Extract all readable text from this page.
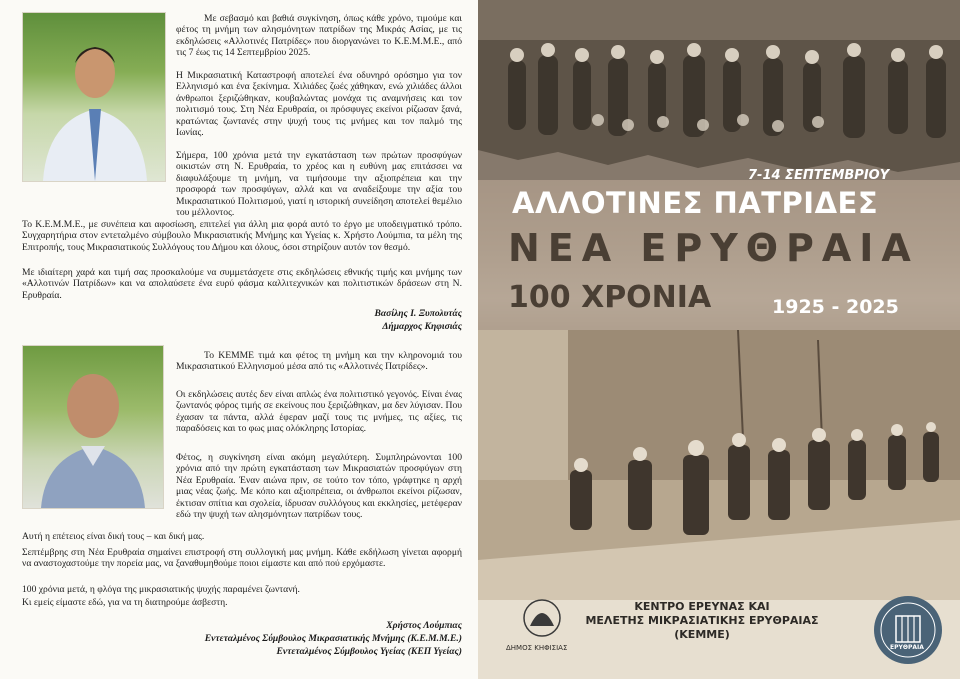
Με σεβασμό και βαθιά συγκίνηση, όπως κάθε χρόνο, τιμούμε και φέτος τη μνήμη των αλησμόνητων πατρίδων της Μικράς Ασίας, με τις εκδηλώσεις «Αλλοτινές Πατρίδες» που διοργανώνει το Κ.Ε.Μ.Μ.Ε., από τις 7 έως τις 14 Σεπτεμβρίου 2025.

Η Μικρασιατική Καταστροφή αποτελεί ένα οδυνηρό ορόσημο για τον Ελληνισμό και ένα ξεκίνημα. Χιλιάδες ζωές χάθηκαν, ενώ χιλιάδες άλλοι άνθρωποι ξεριζώθηκαν, κουβαλώντας μονάχα τις αναμνήσεις και τον πολιτισμό τους. Στη Νέα Ερυθραία, οι πρόσφυγες εκείνοι ρίζωσαν ξανά, κρατώντας ζωντανές στην ψυχή τους τις μνήμες και τον παλμό της Ιωνίας.

Σήμερα, 100 χρόνια μετά την εγκατάσταση των πρώτων προσφύγων οικιστών στη Ν. Ερυθραία, το χρέος και η ευθύνη μας επιτάσσει να διαφυλάξουμε τη μνήμη, να τιμήσουμε την αξιοπρέπεια και την προσφορά των προσφύγων, αλλά και να αναδείξουμε την αξία του Μικρασιατικού Πολιτισμού, γιατί η ιστορική συνείδηση αποτελεί θεμέλιο του μέλλοντος.

Το Κ.Ε.Μ.Μ.Ε., με συνέπεια και αφοσίωση, επιτελεί για άλλη μια φορά αυτό το έργο με υποδειγματικό τρόπο. Συγχαρητήρια στον εντεταλμένο σύμβουλο Μικρασιατικής Μνήμης και Υγείας κ. Χρήστο Λούμπια, τα μέλη της Επιτροπής, τους Μικρασιατικούς Συλλόγους του Δήμου και όλους, όσοι στηρίζουν αυτόν τον θεσμό.

Με ιδιαίτερη χαρά και τιμή σας προσκαλούμε να συμμετάσχετε στις εκδηλώσεις εθνικής τιμής και μνήμης των «Αλλοτινών Πατρίδων» και να απολαύσετε ένα ευρύ φάσμα καλλιτεχνικών και πολιτιστικών δράσεων στη Ν. Ερυθραία.

Βασίλης Ι. Ξυπολυτάς
Δήμαρχος Κηφισιάς

Το ΚΕΜΜΕ τιμά και φέτος τη μνήμη και την κληρονομιά του Μικρασιατικού Ελληνισμού μέσα από τις «Αλλοτινές Πατρίδες».

Οι εκδηλώσεις αυτές δεν είναι απλώς ένα πολιτιστικό γεγονός. Είναι ένας ζωντανός φόρος τιμής σε εκείνους που ξεριζώθηκαν, μα δεν λύγισαν. Που έχασαν τα πάντα, αλλά έφεραν μαζί τους τις μνήμες, τις αξίες, τις παραδόσεις και το φως μιας ολόκληρης Ιστορίας.

Φέτος, η συγκίνηση είναι ακόμη μεγαλύτερη. Συμπληρώνονται 100 χρόνια από την πρώτη εγκατάσταση των Μικρασιατών προσφύγων στη Νέα Ερυθραία. Έναν αιώνα πριν, σε τούτο τον τόπο, γράφτηκε η αρχή μιας νέας ζωής. Με κόπο και αξιοπρέπεια, οι άνθρωποι εκείνοι ρίζωσαν, έκτισαν σπίτια και σχολεία, ίδρυσαν συλλόγους και εκκλησίες, μετέφεραν εδώ την ψυχή των αλησμόνητων πατρίδων τους.

Αυτή η επέτειος είναι δική τους – και δική μας.

Σεπτέμβρης στη Νέα Ερυθραία σημαίνει επιστροφή στη συλλογική μας μνήμη. Κάθε εκδήλωση γίνεται αφορμή να αναστοχαστούμε την πορεία μας, να ξαναθυμηθούμε ποιοι είμαστε και από πού ερχόμαστε.

100 χρόνια μετά, η φλόγα της μικρασιατικής ψυχής παραμένει ζωντανή.

Κι εμείς είμαστε εδώ, για να τη διατηρούμε άσβεστη.

Χρήστος Λούμπιας
Εντεταλμένος Σύμβουλος Μικρασιατικής Μνήμης (Κ.Ε.Μ.Μ.Ε.)
Εντεταλμένος Σύμβουλος Υγείας (ΚΕΠ Υγείας)
7-14 ΣΕΠΤΕΜΒΡΙΟΥ
ΑΛΛΟΤΙΝΕΣ ΠΑΤΡΙΔΕΣ
ΝΕΑ ΕΡΥΘΡΑΙΑ
100 ΧΡΟΝΙΑ	1925 - 2025
ΚΕΝΤΡΟ ΕΡΕΥΝΑΣ ΚΑΙ
ΜΕΛΕΤΗΣ ΜΙΚΡΑΣΙΑΤΙΚΗΣ ΕΡΥΘΡΑΙΑΣ
(ΚΕΜΜΕ)
ΔΗΜΟΣ ΚΗΦΙΣΙΑΣ	ΕΡΥΘΡΑΙΑ
